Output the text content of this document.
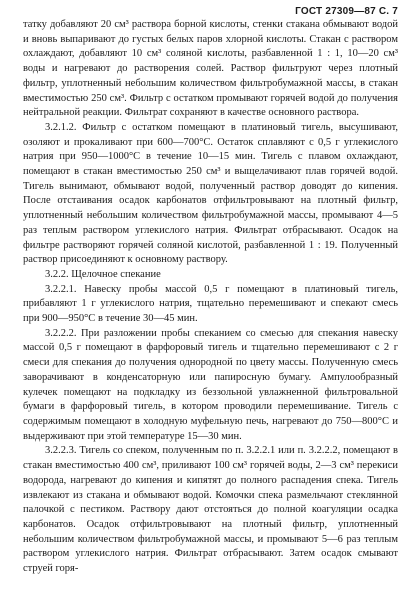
ГОСТ 27309—87 С. 7

татку добавляют 20 см³ раствора борной кислоты, стенки стакана обмывают водой и вновь выпаривают до густых белых паров хлорной кислоты. Стакан с раствором охлаждают, добавляют 10 см³ соляной кислоты, разбавленной 1 : 1, 10—20 см³ воды и нагревают до растворения солей. Раствор фильтруют через плотный фильтр, уплотненный небольшим количеством фильтробумажной массы, в стакан вместимостью 250 см³. Фильтр с остатком промывают горячей водой до получения нейтральной реакции. Фильтрат сохраняют в качестве основного раствора.

3.2.1.2. Фильтр с остатком помещают в платиновый тигель, высушивают, озоляют и прокаливают при 600—700°С. Остаток сплавляют с 0,5 г углекислого натрия при 950—1000°С в течение 10—15 мин. Тигель с плавом охлаждают, помещают в стакан вместимостью 250 см³ и выщелачивают плав горячей водой. Тигель вынимают, обмывают водой, полученный раствор доводят до кипения. После отстаивания осадок карбонатов отфильтровывают на плотный фильтр, уплотненный небольшим количеством фильтробумажной массы, промывают 4—5 раз теплым раствором углекислого натрия. Фильтрат отбрасывают. Осадок на фильтре растворяют горячей соляной кислотой, разбавленной 1 : 19. Полученный раствор присоединяют к основному раствору.

3.2.2. Щелочное спекание

3.2.2.1. Навеску пробы массой 0,5 г помещают в платиновый тигель, прибавляют 1 г углекислого натрия, тщательно перемешивают и спекают смесь при 900—950°С в течение 30—45 мин.

3.2.2.2. При разложении пробы спеканием со смесью для спекания навеску массой 0,5 г помещают в фарфоровый тигель и тщательно перемешивают с 2 г смеси для спекания до получения однородной по цвету массы. Полученную смесь заворачивают в конденсаторную или папиросную бумагу. Ампулообразный кулечек помещают на подкладку из беззольной увлажненной фильтровальной бумаги в фарфоровый тигель, в котором проводили перемешивание. Тигель с содержимым помещают в холодную муфельную печь, нагревают до 750—800°С и выдерживают при этой температуре 15—30 мин.

3.2.2.3. Тигель со спеком, полученным по п. 3.2.2.1 или п. 3.2.2.2, помещают в стакан вместимостью 400 см³, приливают 100 см³ горячей воды, 2—3 см³ перекиси водорода, нагревают до кипения и кипятят до полного распадения спека. Тигель извлекают из стакана и обмывают водой. Комочки спека размельчают стеклянной палочкой с пестиком. Раствору дают отстояться до полной коагуляции осадка карбонатов. Осадок отфильтровывают на плотный фильтр, уплотненный небольшим количеством фильтробумажной массы, и промывают 5—6 раз теплым раствором углекислого натрия. Фильтрат отбрасывают. Затем осадок смывают струей горя-
